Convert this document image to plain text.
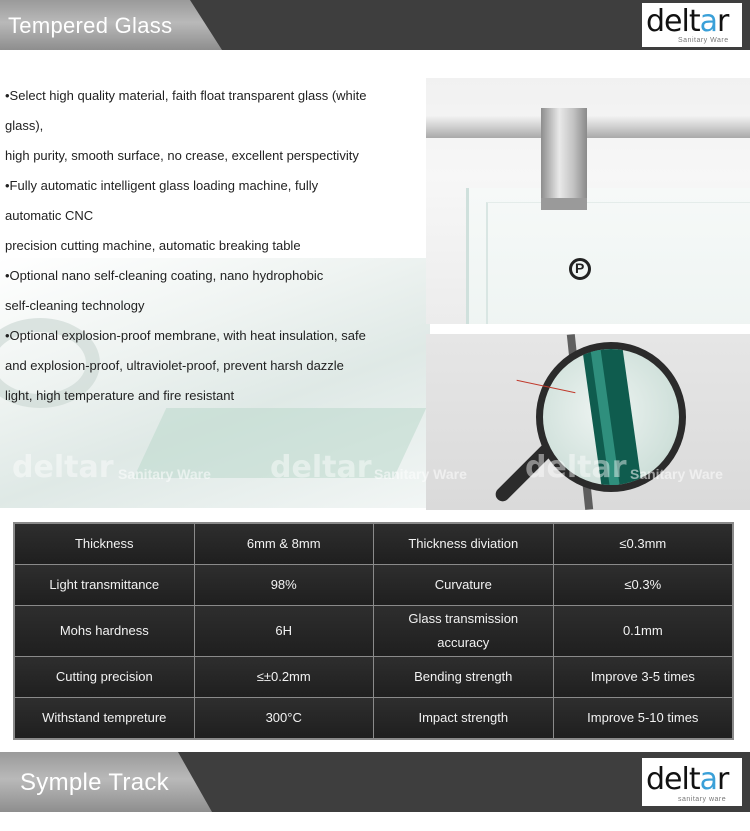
Tempered Glass	deltar
Sanitary Ware

•Select high quality material, faith float transparent glass (white

glass),

high purity, smooth surface, no crease, excellent perspectivity

•Fully automatic intelligent glass loading machine, fully

automatic CNC

precision cutting machine, automatic breaking table

•Optional nano self-cleaning coating, nano hydrophobic

self-cleaning technology

•Optional explosion-proof membrane, with heat insulation, safe

and explosion-proof, ultraviolet-proof, prevent harsh dazzle

light, high temperature and fire resistant

P
deltar Sanitary Ware deltar Sanitary Ware deltar Sanitary Ware
Thickness	6mm & 8mm	Thickness diviation	≤0.3mm
Light transmittance	98%	Curvature	≤0.3%
Mohs hardness	6H	Glass transmission accuracy	0.1mm
Cutting precision	≤±0.2mm	Bending strength	Improve 3-5 times
Withstand tempreture	300°C	Impact strength	Improve 5-10 times
Symple Track	deltar
sanitary ware
